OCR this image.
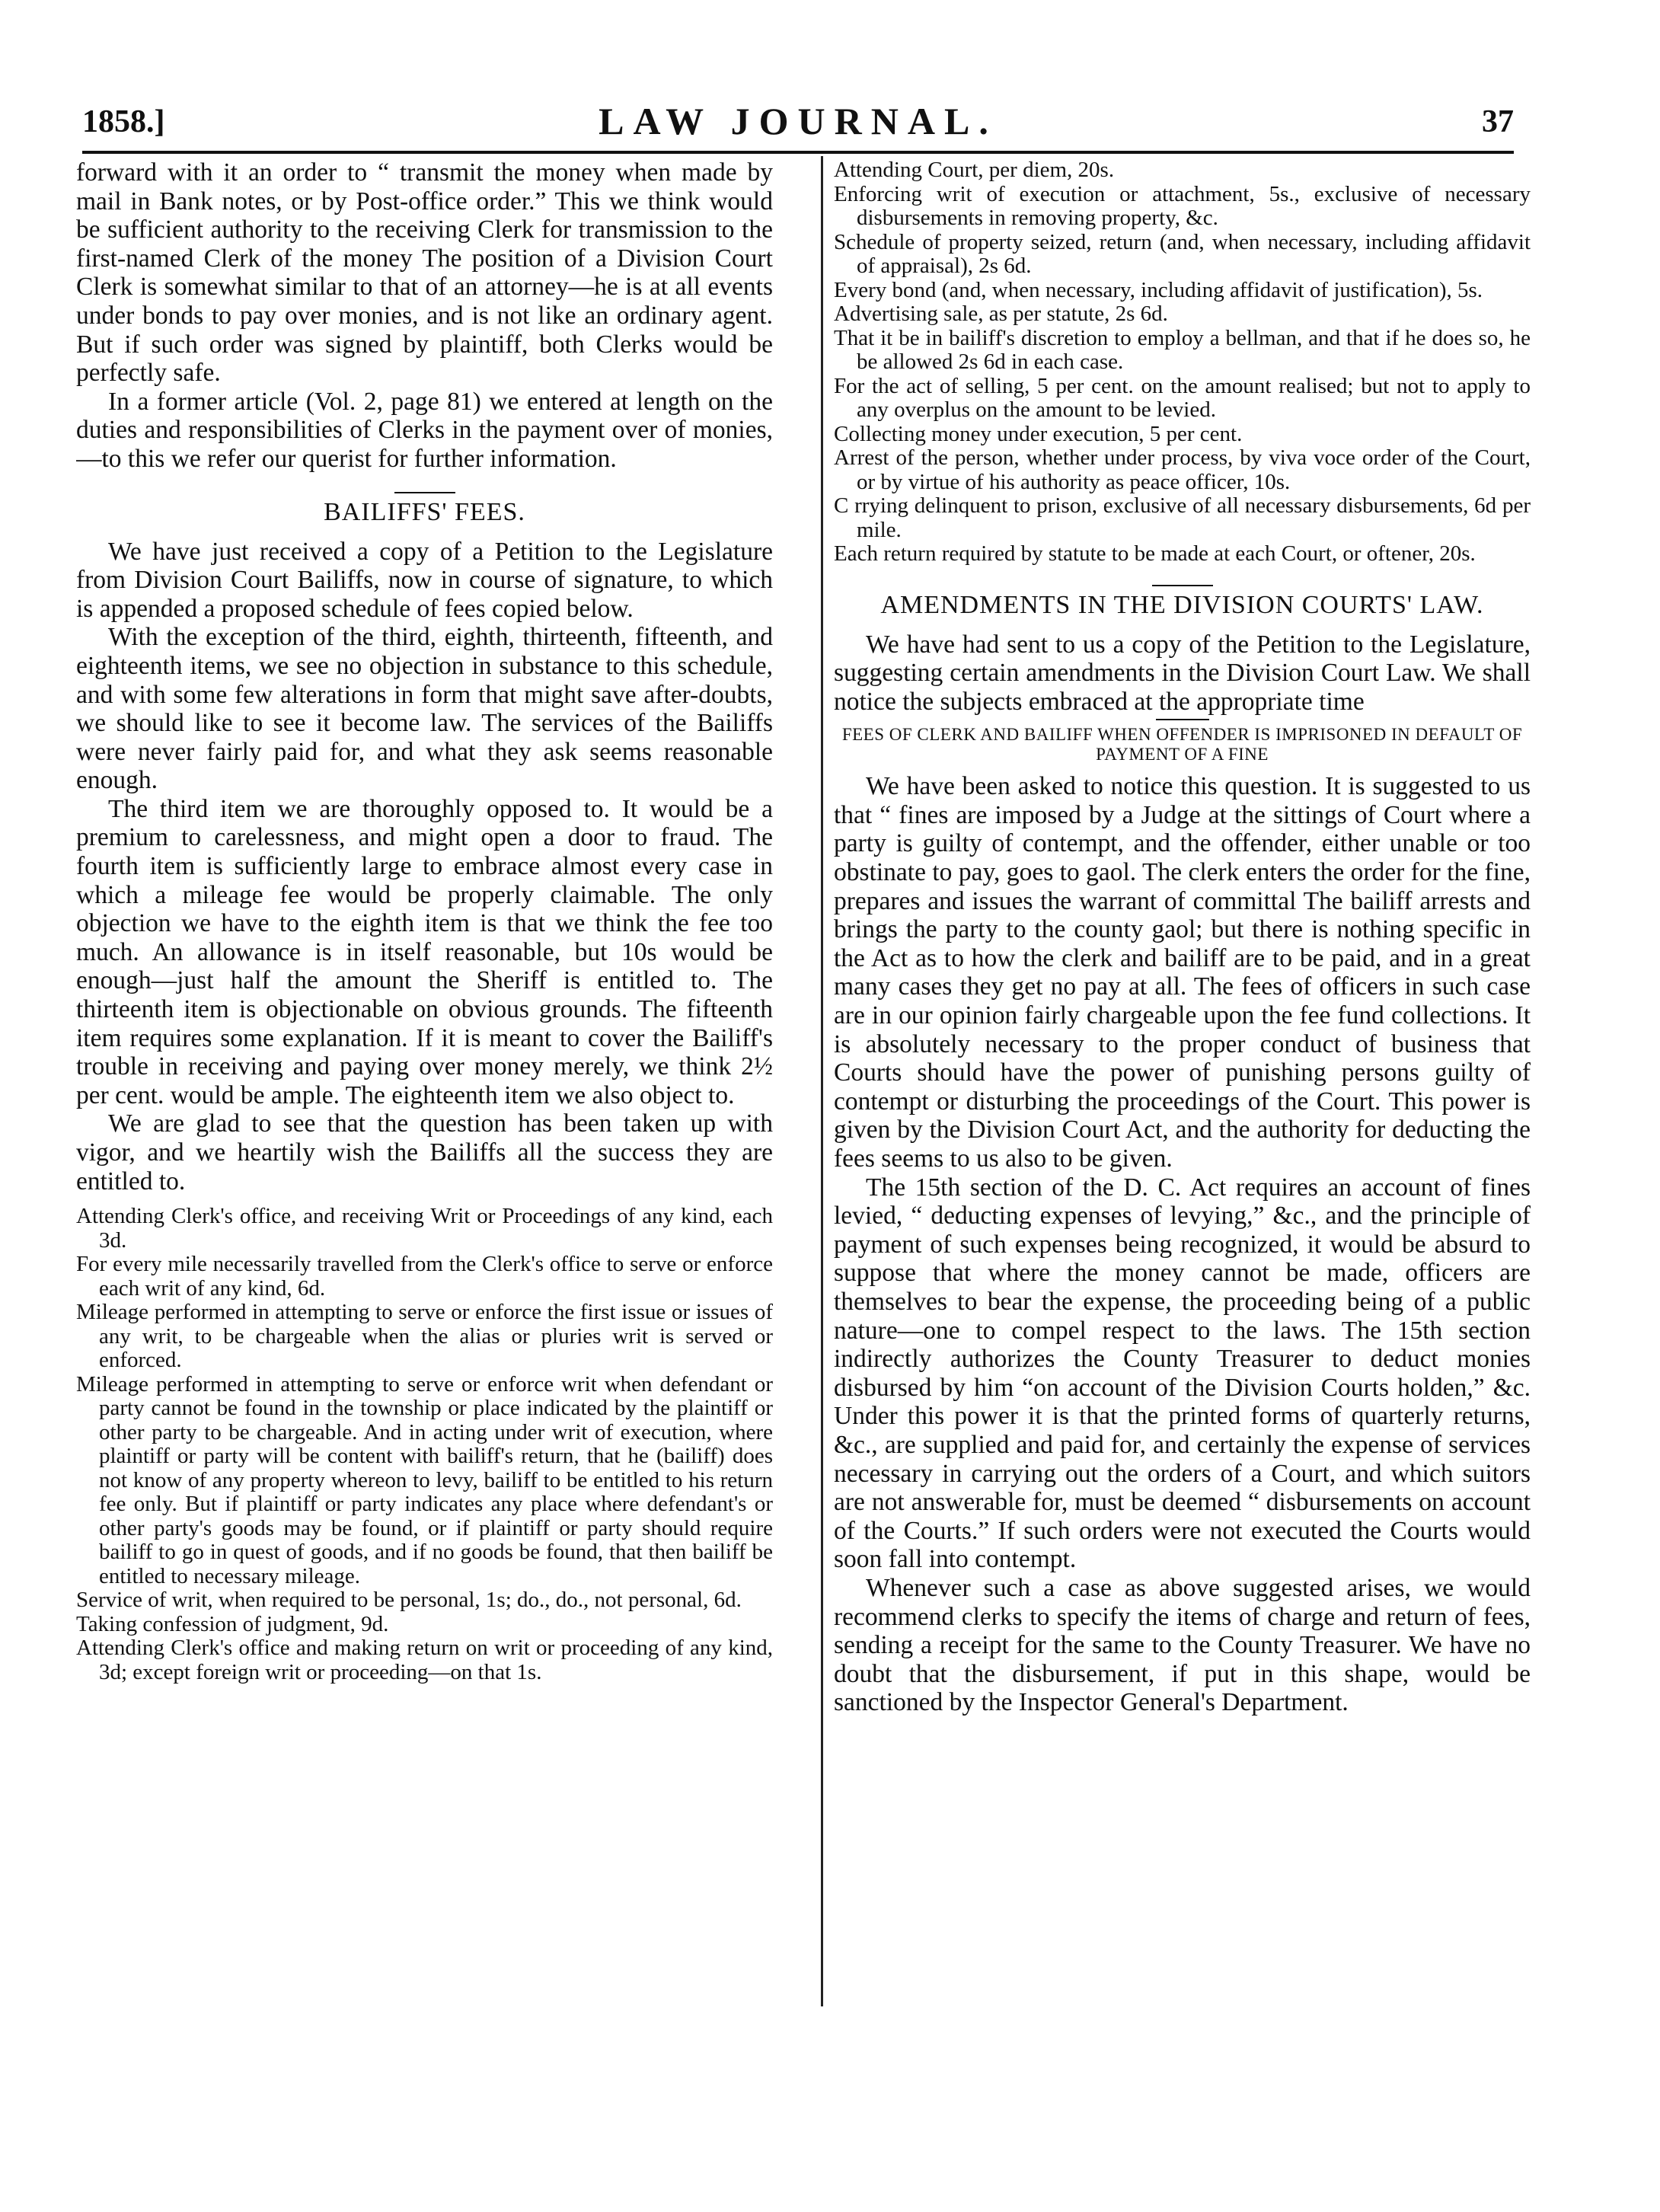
1858.]	LAW JOURNAL.	37

forward with it an order to “ transmit the money when made by mail in Bank notes, or by Post-office order.” This we think would be sufficient authority to the receiving Clerk for transmission to the first-named Clerk of the money The position of a Division Court Clerk is somewhat similar to that of an attorney—he is at all events under bonds to pay over monies, and is not like an ordinary agent. But if such order was signed by plaintiff, both Clerks would be perfectly safe.

In a former article (Vol. 2, page 81) we entered at length on the duties and responsibilities of Clerks in the payment over of monies,—to this we refer our querist for further information.

BAILIFFS' FEES.

We have just received a copy of a Petition to the Legislature from Division Court Bailiffs, now in course of signature, to which is appended a proposed schedule of fees copied below.

With the exception of the third, eighth, thirteenth, fifteenth, and eighteenth items, we see no objection in substance to this schedule, and with some few alterations in form that might save after-doubts, we should like to see it become law. The services of the Bailiffs were never fairly paid for, and what they ask seems reasonable enough.

The third item we are thoroughly opposed to. It would be a premium to carelessness, and might open a door to fraud. The fourth item is sufficiently large to embrace almost every case in which a mileage fee would be properly claimable. The only objection we have to the eighth item is that we think the fee too much. An allowance is in itself reasonable, but 10s would be enough—just half the amount the Sheriff is entitled to. The thirteenth item is objectionable on obvious grounds. The fifteenth item requires some explanation. If it is meant to cover the Bailiff's trouble in receiving and paying over money merely, we think 2½ per cent. would be ample. The eighteenth item we also object to.

We are glad to see that the question has been taken up with vigor, and we heartily wish the Bailiffs all the success they are entitled to.

Attending Clerk's office, and receiving Writ or Proceedings of any kind, each 3d.

For every mile necessarily travelled from the Clerk's office to serve or enforce each writ of any kind, 6d.

Mileage performed in attempting to serve or enforce the first issue or issues of any writ, to be chargeable when the alias or pluries writ is served or enforced.

Mileage performed in attempting to serve or enforce writ when defendant or party cannot be found in the township or place indicated by the plaintiff or other party to be chargeable. And in acting under writ of execution, where plaintiff or party will be content with bailiff's return, that he (bailiff) does not know of any property whereon to levy, bailiff to be entitled to his return fee only. But if plaintiff or party indicates any place where defendant's or other party's goods may be found, or if plaintiff or party should require bailiff to go in quest of goods, and if no goods be found, that then bailiff be entitled to necessary mileage.

Service of writ, when required to be personal, 1s; do., do., not personal, 6d.

Taking confession of judgment, 9d.

Attending Clerk's office and making return on writ or proceeding of any kind, 3d; except foreign writ or proceeding—on that 1s.

Attending Court, per diem, 20s.

Enforcing writ of execution or attachment, 5s., exclusive of necessary disbursements in removing property, &c.

Schedule of property seized, return (and, when necessary, including affidavit of appraisal), 2s 6d.

Every bond (and, when necessary, including affidavit of justification), 5s.

Advertising sale, as per statute, 2s 6d.

That it be in bailiff's discretion to employ a bellman, and that if he does so, he be allowed 2s 6d in each case.

For the act of selling, 5 per cent. on the amount realised; but not to apply to any overplus on the amount to be levied.

Collecting money under execution, 5 per cent.

Arrest of the person, whether under process, by viva voce order of the Court, or by virtue of his authority as peace officer, 10s.

C rrying delinquent to prison, exclusive of all necessary disbursements, 6d per mile.

Each return required by statute to be made at each Court, or oftener, 20s.

AMENDMENTS IN THE DIVISION COURTS' LAW.

We have had sent to us a copy of the Petition to the Legislature, suggesting certain amendments in the Division Court Law. We shall notice the subjects embraced at the appropriate time

FEES OF CLERK AND BAILIFF WHEN OFFENDER IS IMPRISONED IN DEFAULT OF PAYMENT OF A FINE

We have been asked to notice this question. It is suggested to us that “ fines are imposed by a Judge at the sittings of Court where a party is guilty of contempt, and the offender, either unable or too obstinate to pay, goes to gaol. The clerk enters the order for the fine, prepares and issues the warrant of committal The bailiff arrests and brings the party to the county gaol; but there is nothing specific in the Act as to how the clerk and bailiff are to be paid, and in a great many cases they get no pay at all. The fees of officers in such case are in our opinion fairly chargeable upon the fee fund collections. It is absolutely necessary to the proper conduct of business that Courts should have the power of punishing persons guilty of contempt or disturbing the proceedings of the Court. This power is given by the Division Court Act, and the authority for deducting the fees seems to us also to be given.

The 15th section of the D. C. Act requires an account of fines levied, “ deducting expenses of levying,” &c., and the principle of payment of such expenses being recognized, it would be absurd to suppose that where the money cannot be made, officers are themselves to bear the expense, the proceeding being of a public nature—one to compel respect to the laws. The 15th section indirectly authorizes the County Treasurer to deduct monies disbursed by him “on account of the Division Courts holden,” &c. Under this power it is that the printed forms of quarterly returns, &c., are supplied and paid for, and certainly the expense of services necessary in carrying out the orders of a Court, and which suitors are not answerable for, must be deemed “ disbursements on account of the Courts.” If such orders were not executed the Courts would soon fall into contempt.

Whenever such a case as above suggested arises, we would recommend clerks to specify the items of charge and return of fees, sending a receipt for the same to the County Treasurer. We have no doubt that the disbursement, if put in this shape, would be sanctioned by the Inspector General's Department.
